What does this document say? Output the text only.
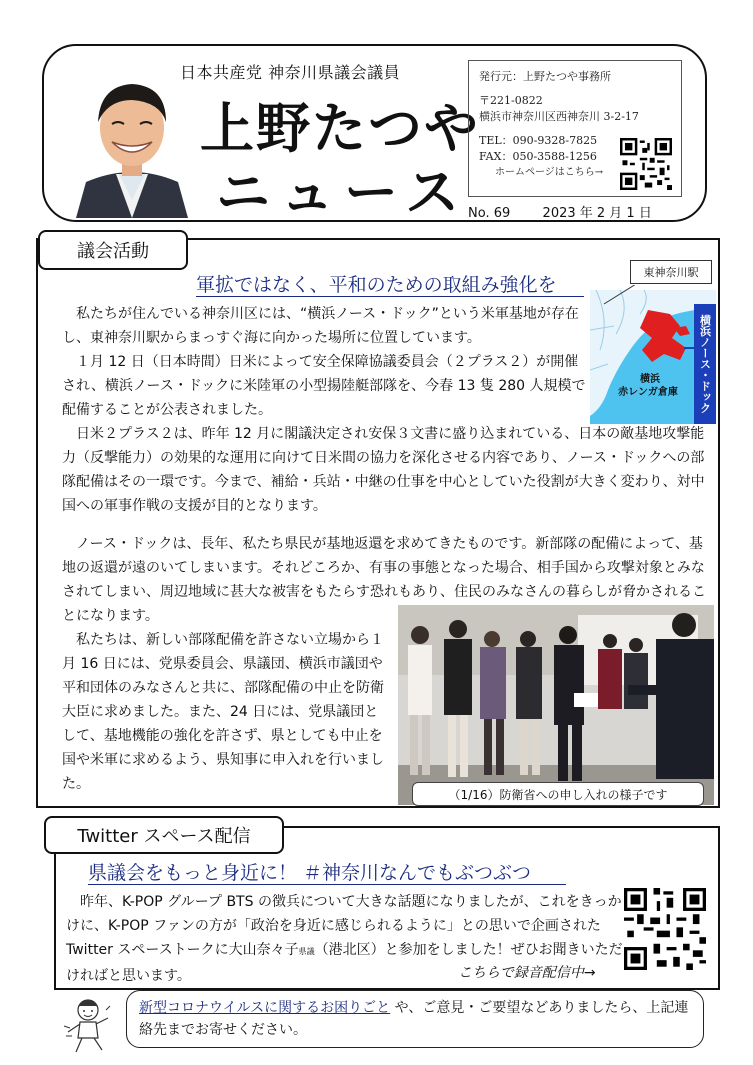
日本共産党 神奈川県議会議員
上野たつや
ニュース
発行元：上野たつや事務所
〒221-0822
横浜市神奈川区西神奈川 3-2-17
TEL：090-9328-7825
FAX：050-3588-1256
ホームページはこちら→
No. 69 2023 年 2 月 1 日
議会活動
軍拡ではなく、平和のための取組み強化を
 私たちが住んでいる神奈川区には、“横浜ノース・ドック”という米軍基地が存在し、東神奈川駅からまっすぐ海に向かった場所に位置しています。
 １月 12 日（日本時間）日米によって安全保障協議委員会（２プラス２）が開催され、横浜ノース・ドックに米陸軍の小型揚陸艇部隊を、今春 13 隻 280 人規模で配備することが公表されました。
 日米２プラス２は、昨年 12 月に閣議決定され安保３文書に盛り込まれている、日本の敵基地攻撃能力（反撃能力）の効果的な運用に向けて日米間の協力を深化させる内容であり、ノース・ドックへの部隊配備はその一環です。今まで、補給・兵站・中継の仕事を中心としていた役割が大きく変わり、対中国への軍事作戦の支援が目的となります。
 ノース・ドックは、長年、私たち県民が基地返還を求めてきたものです。新部隊の配備によって、基地の返還が遠のいてしまいます。それどころか、有事の事態となった場合、相手国から攻撃対象とみなされてしまい、周辺地域に甚大な被害をもたらす恐れもあり、住民のみなさんの暮らしが脅かされることになります。
 私たちは、新しい部隊配備を許さない立場から１月 16 日には、党県委員会、県議団、横浜市議団や平和団体のみなさんと共に、部隊配備の中止を防衛大臣に求めました。また、24 日には、党県議団として、基地機能の強化を許さず、県としても中止を国や米軍に求めるよう、県知事に申入れを行いました。
横浜ノース・ドック
横浜
赤レンガ倉庫
東神奈川駅
（1/16）防衛省への申し入れの様子です
Twitter スペース配信
県議会をもっと身近に！ ＃神奈川なんでもぶつぶつ
 昨年、K-POP グループ BTS の徴兵について大きな話題になりましたが、これをきっかけに、K-POP ファンの方が「政治を身近に感じられるように」との思いで企画された Twitter スペーストークに大山奈々子県議（港北区）と参加をしました！ぜひお聞きいただければと思います。	こちらで録音配信中→
新型コロナウイルスに関するお困りごと や、ご意見・ご要望などありましたら、上記連絡先までお寄せください。
